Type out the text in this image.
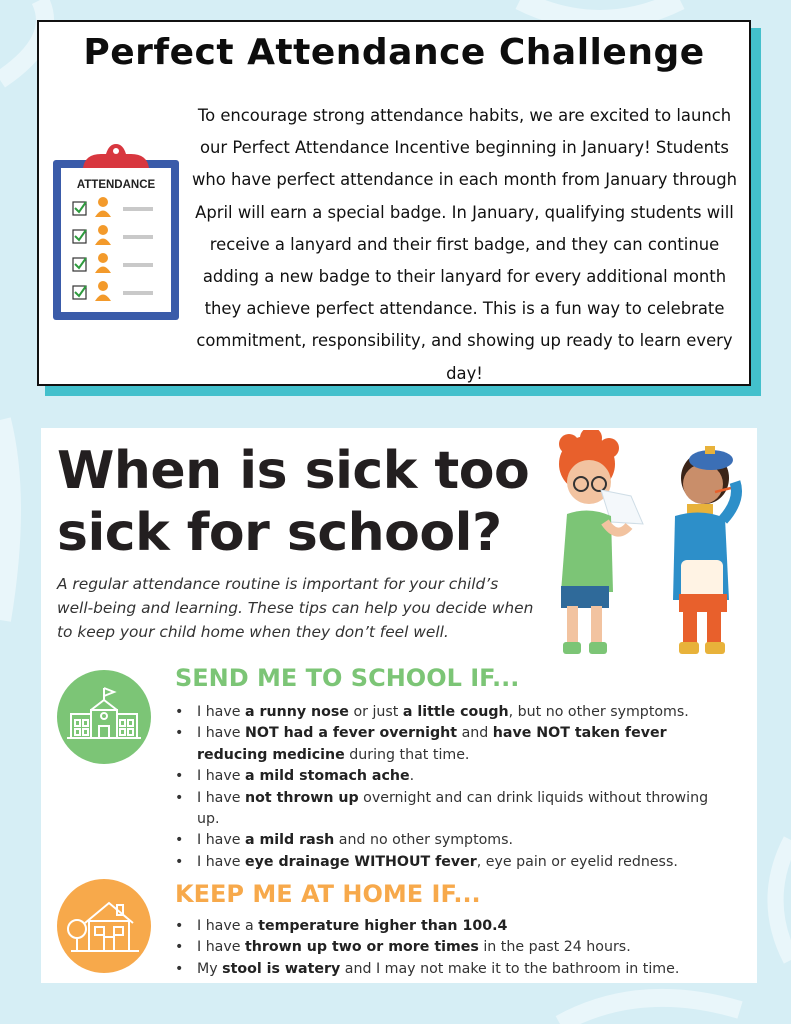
Perfect Attendance Challenge
ATTENDANCE
To encourage strong attendance habits, we are excited to launch our Perfect Attendance Incentive beginning in January! Students who have perfect attendance in each month from January through April will earn a special badge. In January, qualifying students will receive a lanyard and their first badge, and they can continue adding a new badge to their lanyard for every additional month they achieve perfect attendance. This is a fun way to celebrate commitment, responsibility, and showing up ready to learn every day!
When is sick too
sick for school?
A regular attendance routine is important for your child’s well-being and learning. These tips can help you decide when to keep your child home when they don’t feel well.
SEND ME TO SCHOOL IF...
• I have a runny nose or just a little cough, but no other symptoms.
• I have NOT had a fever overnight and have NOT taken fever reducing medicine during that time.
• I have a mild stomach ache.
• I have not thrown up overnight and can drink liquids without throwing up.
• I have a mild rash and no other symptoms.
• I have eye drainage WITHOUT fever, eye pain or eyelid redness.
KEEP ME AT HOME IF...
• I have a temperature higher than 100.4
• I have thrown up two or more times in the past 24 hours.
• My stool is watery and I may not make it to the bathroom in time.
